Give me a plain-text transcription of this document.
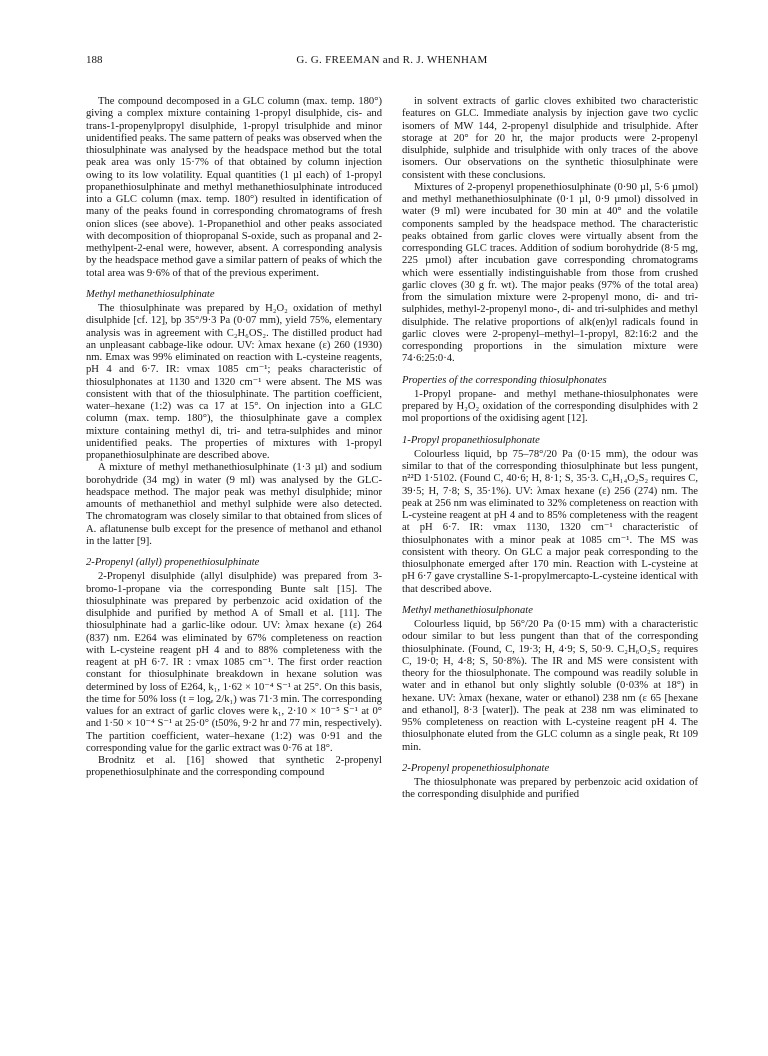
188	G. G. FREEMAN and R. J. WHENHAM

The compound decomposed in a GLC column (max. temp. 180°) giving a complex mixture containing 1-propyl disulphide, cis- and trans-1-propenylpropyl disulphide, 1-propyl trisulphide and minor unidentified peaks. The same pattern of peaks was observed when the thiosulphinate was analysed by the headspace method but the total peak area was only 15·7% of that obtained by column injection owing to its low volatility. Equal quantities (1 µl each) of 1-propyl propanethiosulphinate and methyl methanethiosulphinate introduced into a GLC column (max. temp. 180°) resulted in identification of many of the peaks found in corresponding chromatograms of fresh onion slices (see above). 1-Propanethiol and other peaks associated with decomposition of thiopropanal S-oxide, such as propanal and 2-methylpent-2-enal were, however, absent. A corresponding analysis by the headspace method gave a similar pattern of peaks of which the total area was 9·6% of that of the previous experiment.

Methyl methanethiosulphinate

The thiosulphinate was prepared by H₂O₂ oxidation of methyl disulphide [cf. 12], bp 35°/9·3 Pa (0·07 mm), yield 75%, elementary analysis was in agreement with C₂H₆OS₂. The distilled product had an unpleasant cabbage-like odour. UV: λmax hexane (ε) 260 (1930) nm. Emax was 99% eliminated on reaction with L-cysteine reagents, pH 4 and 6·7. IR: νmax 1085 cm⁻¹; peaks characteristic of thiosulphonates at 1130 and 1320 cm⁻¹ were absent. The MS was consistent with that of the thiosulphinate. The partition coefficient, water–hexane (1:2) was ca 17 at 15°. On injection into a GLC column (max. temp. 180°), the thiosulphinate gave a complex mixture containing methyl di, tri- and tetra-sulphides and minor unidentified peaks. The properties of mixtures with 1-propyl propanethiosulphinate are described above.

A mixture of methyl methanethiosulphinate (1·3 µl) and sodium borohydride (34 mg) in water (9 ml) was analysed by the GLC-headspace method. The major peak was methyl disulphide; minor amounts of methanethiol and methyl sulphide were also detected. The chromatogram was closely similar to that obtained from slices of A. aflatunense bulb except for the presence of methanol and ethanol in the latter [9].

2-Propenyl (allyl) propenethiosulphinate

2-Propenyl disulphide (allyl disulphide) was prepared from 3-bromo-1-propane via the corresponding Bunte salt [15]. The thiosulphinate was prepared by perbenzoic acid oxidation of the disulphide and purified by method A of Small et al. [11]. The thiosulphinate had a garlic-like odour. UV: λmax hexane (ε) 264 (837) nm. E264 was eliminated by 67% completeness on reaction with L-cysteine reagent pH 4 and to 88% completeness with the reagent at pH 6·7. IR : νmax 1085 cm⁻¹. The first order reaction constant for thiosulphinate breakdown in hexane solution was determined by loss of E264, k₁, 1·62 × 10⁻⁴ S⁻¹ at 25°. On this basis, the time for 50% loss (t = logₑ 2/k₁) was 71·3 min. The corresponding values for an extract of garlic cloves were k₁, 2·10 × 10⁻⁵ S⁻¹ at 0° and 1·50 × 10⁻⁴ S⁻¹ at 25·0° (t50%, 9·2 hr and 77 min, respectively). The partition coefficient, water–hexane (1:2) was 0·91 and the corresponding value for the garlic extract was 0·76 at 18°.

Brodnitz et al. [16] showed that synthetic 2-propenyl propenethiosulphinate and the corresponding compound

in solvent extracts of garlic cloves exhibited two characteristic features on GLC. Immediate analysis by injection gave two cyclic isomers of MW 144, 2-propenyl disulphide and trisulphide. After storage at 20° for 20 hr, the major products were 2-propenyl disulphide, sulphide and trisulphide with only traces of the above isomers. Our observations on the synthetic thiosulphinate were consistent with these conclusions.

Mixtures of 2-propenyl propenethiosulphinate (0·90 µl, 5·6 µmol) and methyl methanethiosulphinate (0·1 µl, 0·9 µmol) dissolved in water (9 ml) were incubated for 30 min at 40° and the volatile components sampled by the headspace method. The characteristic peaks obtained from garlic cloves were virtually absent from the corresponding GLC traces. Addition of sodium borohydride (8·5 mg, 225 µmol) after incubation gave corresponding chromatograms which were essentially indistinguishable from those from crushed garlic cloves (30 g fr. wt). The major peaks (97% of the total area) from the simulation mixture were 2-propenyl mono, di- and tri-sulphides, methyl-2-propenyl mono-, di- and tri-sulphides and methyl disulphide. The relative proportions of alk(en)yl radicals found in garlic cloves were 2-propenyl–methyl–1-propyl, 82:16:2 and the corresponding proportions in the simulation mixture were 74·6:25:0·4.

Properties of the corresponding thiosulphonates

1-Propyl propane- and methyl methane-thiosulphonates were prepared by H₂O₂ oxidation of the corresponding disulphides with 2 mol proportions of the oxidising agent [12].

1-Propyl propanethiosulphonate

Colourless liquid, bp 75–78°/20 Pa (0·15 mm), the odour was similar to that of the corresponding thiosulphinate but less pungent, n²²D 1·5102. (Found C, 40·6; H, 8·1; S, 35·3. C₆H₁₄O₂S₂ requires C, 39·5; H, 7·8; S, 35·1%). UV: λmax hexane (ε) 256 (274) nm. The peak at 256 nm was eliminated to 32% completeness on reaction with L-cysteine reagent at pH 4 and to 85% completeness with the reagent at pH 6·7. IR: νmax 1130, 1320 cm⁻¹ characteristic of thiosulphonates with a minor peak at 1085 cm⁻¹. The MS was consistent with theory. On GLC a major peak corresponding to the thiosulphonate emerged after 170 min. Reaction with L-cysteine at pH 6·7 gave crystalline S-1-propylmercapto-L-cysteine identical with that described above.

Methyl methanethiosulphonate

Colourless liquid, bp 56°/20 Pa (0·15 mm) with a characteristic odour similar to but less pungent than that of the corresponding thiosulphinate. (Found, C, 19·3; H, 4·9; S, 50·9. C₂H₆O₂S₂ requires C, 19·0; H, 4·8; S, 50·8%). The IR and MS were consistent with theory for the thiosulphonate. The compound was readily soluble in water and in ethanol but only slightly soluble (0·03% at 18°) in hexane. UV: λmax (hexane, water or ethanol) 238 nm (ε 65 [hexane and ethanol], 8·3 [water]). The peak at 238 nm was eliminated to 95% completeness on reaction with L-cysteine reagent pH 4. The thiosulphonate eluted from the GLC column as a single peak, Rt 109 min.

2-Propenyl propenethiosulphonate

The thiosulphonate was prepared by perbenzoic acid oxidation of the corresponding disulphide and purified
